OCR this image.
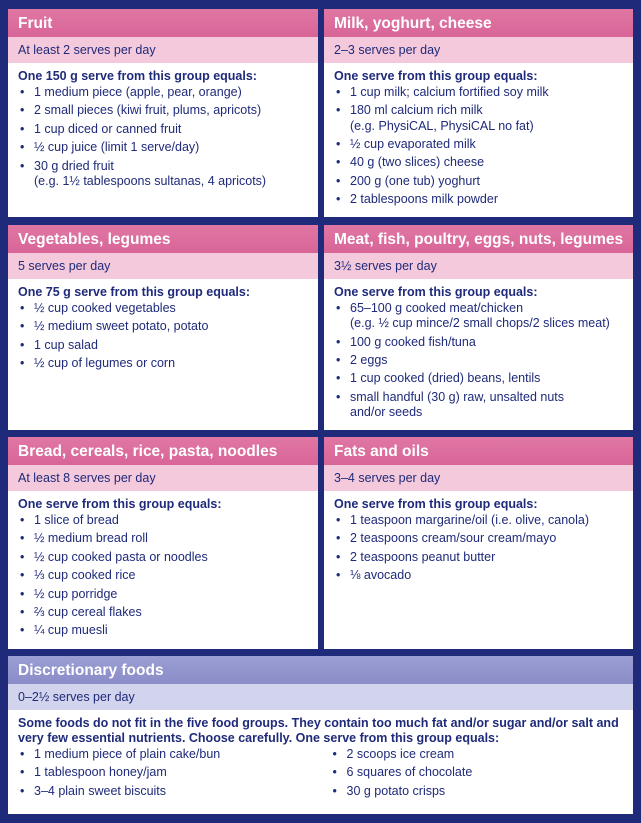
Fruit
At least 2 serves per day
One 150 g serve from this group equals:
• 1 medium piece (apple, pear, orange)
• 2 small pieces (kiwi fruit, plums, apricots)
• 1 cup diced or canned fruit
• ½ cup juice (limit 1 serve/day)
• 30 g dried fruit
(e.g. 1½ tablespoons sultanas, 4 apricots)
Milk, yoghurt, cheese
2–3 serves per day
One serve from this group equals:
• 1 cup milk; calcium fortified soy milk
• 180 ml calcium rich milk
(e.g. PhysiCAL, PhysiCAL no fat)
• ½ cup evaporated milk
• 40 g (two slices) cheese
• 200 g (one tub) yoghurt
• 2 tablespoons milk powder
Vegetables, legumes
5 serves per day
One 75 g serve from this group equals:
• ½ cup cooked vegetables
• ½ medium sweet potato, potato
• 1 cup salad
• ½ cup of legumes or corn
Meat, fish, poultry, eggs, nuts, legumes
3½ serves per day
One serve from this group equals:
• 65–100 g cooked meat/chicken
(e.g. ½ cup mince/2 small chops/2 slices meat)
• 100 g cooked fish/tuna
• 2 eggs
• 1 cup cooked (dried) beans, lentils
• small handful (30 g) raw, unsalted nuts
and/or seeds
Bread, cereals, rice, pasta, noodles
At least 8 serves per day
One serve from this group equals:
• 1 slice of bread
• ½ medium bread roll
• ½ cup cooked pasta or noodles
• ⅓ cup cooked rice
• ½ cup porridge
• ⅔ cup cereal flakes
• ¼ cup muesli
Fats and oils
3–4 serves per day
One serve from this group equals:
• 1 teaspoon margarine/oil (i.e. olive, canola)
• 2 teaspoons cream/sour cream/mayo
• 2 teaspoons peanut butter
• ⅛ avocado
Discretionary foods
0–2½ serves per day
Some foods do not fit in the five food groups. They contain too much fat and/or sugar and/or salt and very few essential nutrients. Choose carefully. One serve from this group equals:
• 1 medium piece of plain cake/bun
• 1 tablespoon honey/jam
• 3–4 plain sweet biscuits
• 2 scoops ice cream
• 6 squares of chocolate
• 30 g potato crisps
